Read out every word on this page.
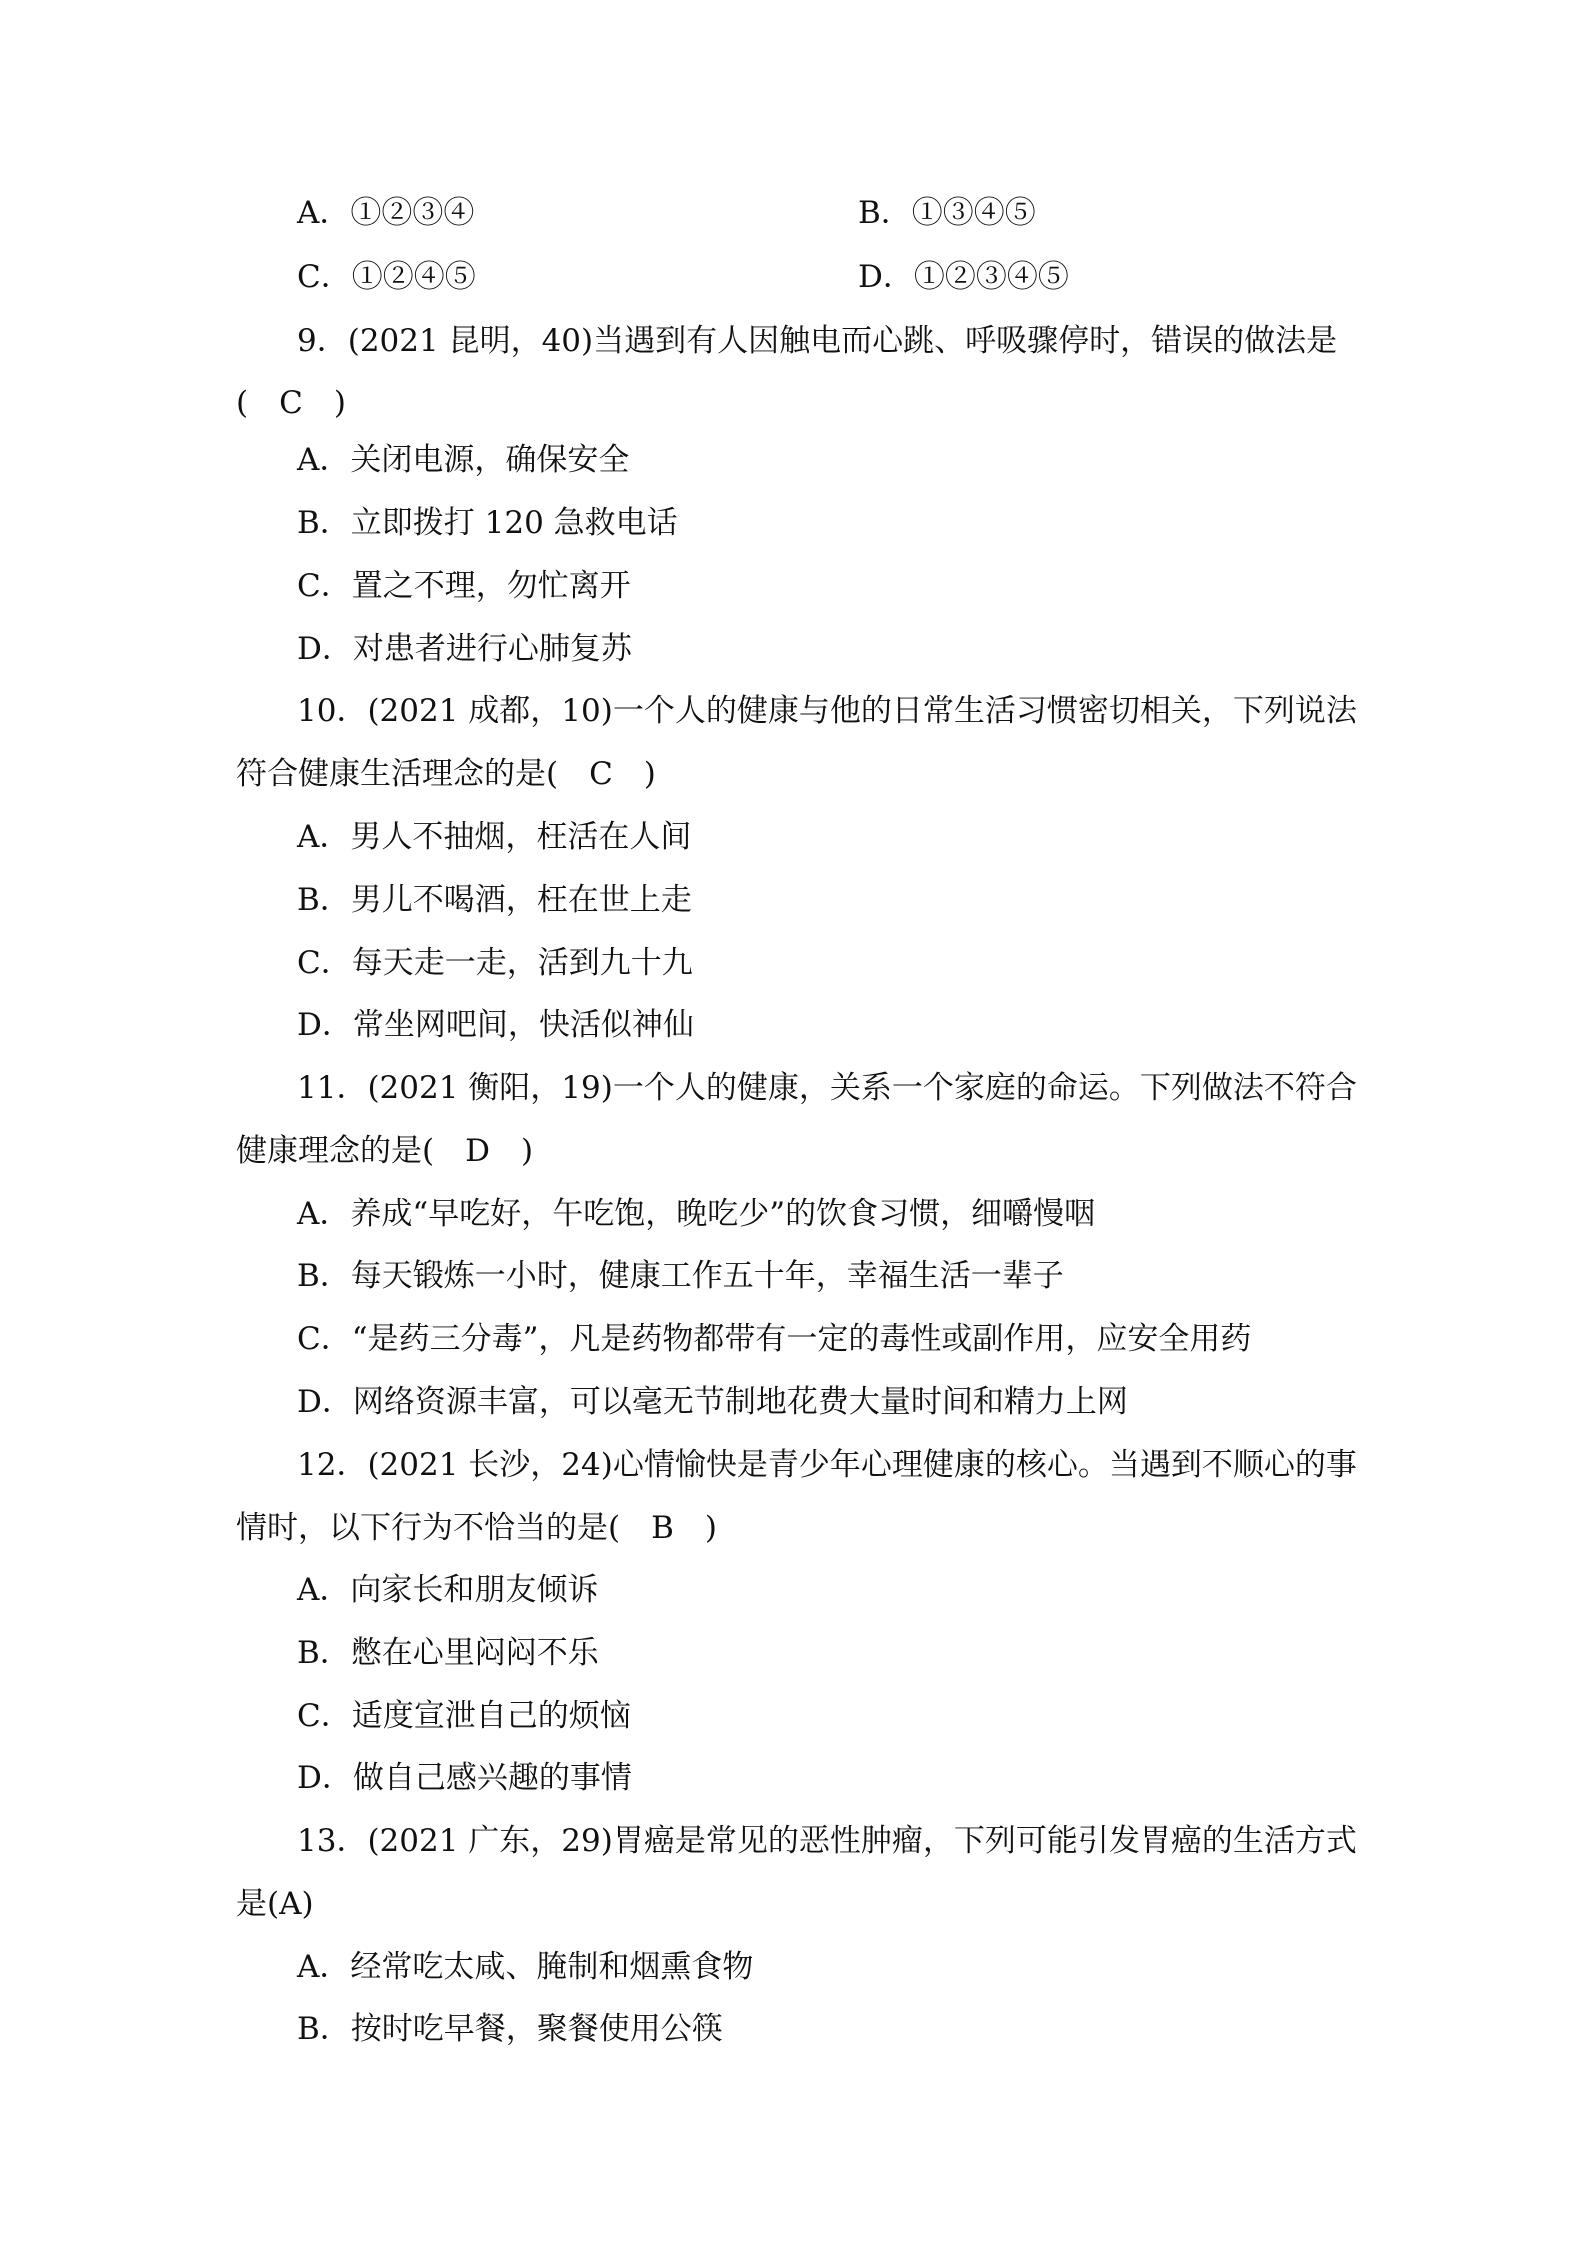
A．①②③④	B．①③④⑤
C．①②④⑤	D．①②③④⑤
9．(2021 昆明，40)当遇到有人因触电而心跳、呼吸骤停时，错误的做法是
(　C　)
A．关闭电源，确保安全
B．立即拨打 120 急救电话
C．置之不理，勿忙离开
D．对患者进行心肺复苏
10．(2021 成都，10)一个人的健康与他的日常生活习惯密切相关，下列说法
符合健康生活理念的是(　C　)
A．男人不抽烟，枉活在人间
B．男儿不喝酒，枉在世上走
C．每天走一走，活到九十九
D．常坐网吧间，快活似神仙
11．(2021 衡阳，19)一个人的健康，关系一个家庭的命运。下列做法不符合
健康理念的是(　D　)
A．养成“早吃好，午吃饱，晚吃少”的饮食习惯，细嚼慢咽
B．每天锻炼一小时，健康工作五十年，幸福生活一辈子
C．“是药三分毒”，凡是药物都带有一定的毒性或副作用，应安全用药
D．网络资源丰富，可以毫无节制地花费大量时间和精力上网
12．(2021 长沙，24)心情愉快是青少年心理健康的核心。当遇到不顺心的事
情时，以下行为不恰当的是(　B　)
A．向家长和朋友倾诉
B．憋在心里闷闷不乐
C．适度宣泄自己的烦恼
D．做自己感兴趣的事情
13．(2021 广东，29)胃癌是常见的恶性肿瘤，下列可能引发胃癌的生活方式
是(A)
A．经常吃太咸、腌制和烟熏食物
B．按时吃早餐，聚餐使用公筷
